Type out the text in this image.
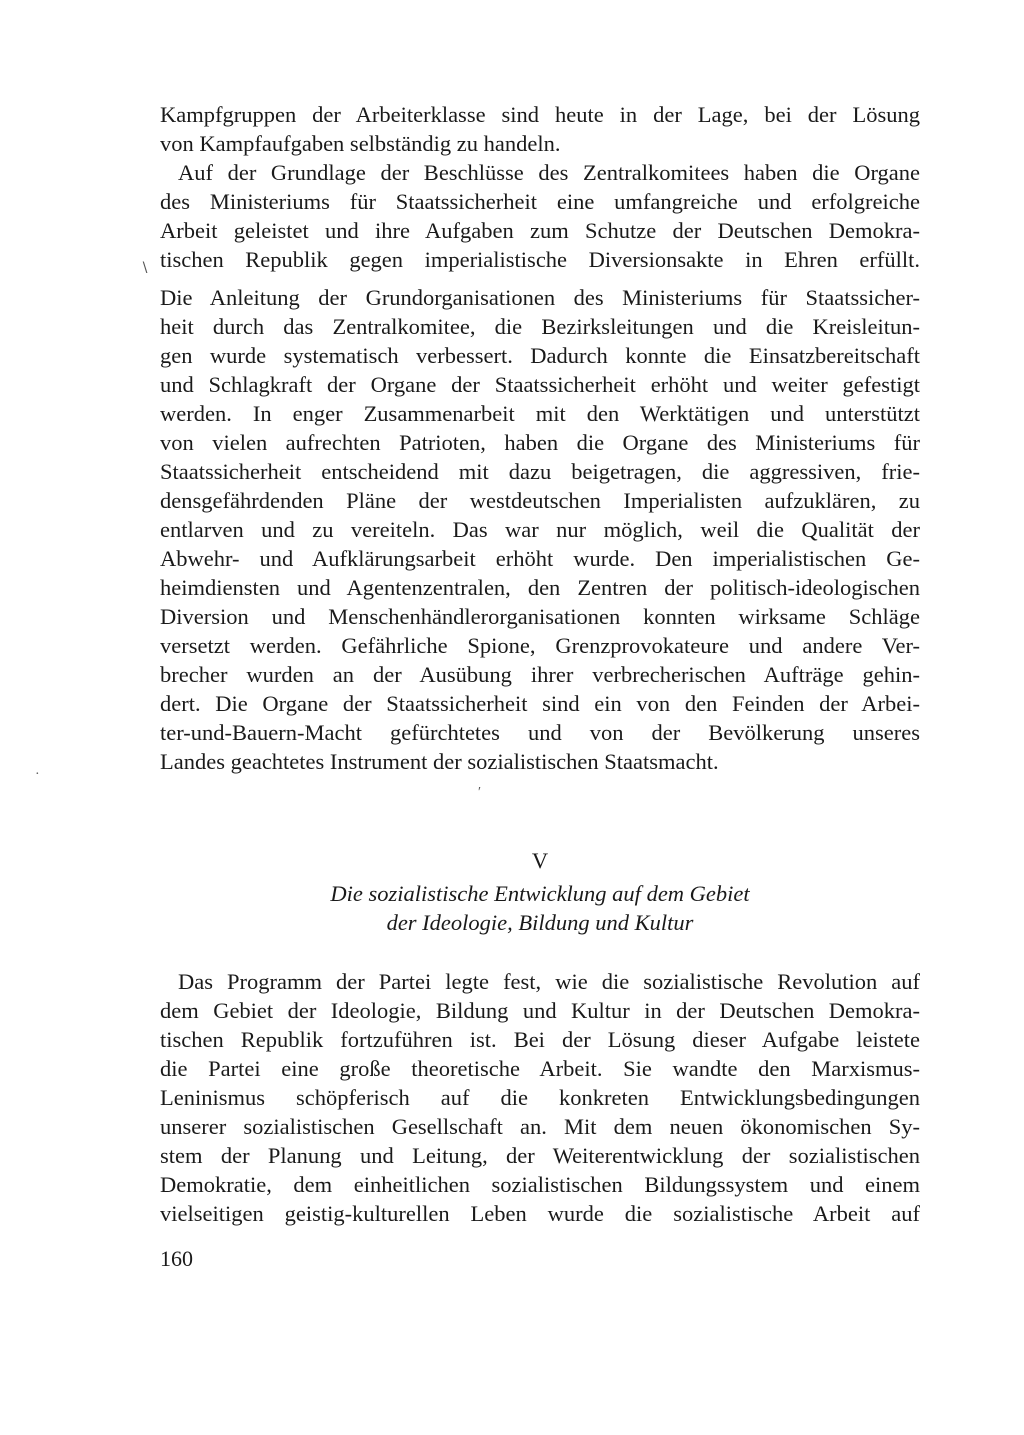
Kampfgruppen der Arbeiterklasse sind heute in der Lage, bei der Lösung
von Kampfaufgaben selbständig zu handeln.
Auf der Grundlage der Beschlüsse des Zentralkomitees haben die Organe
des Ministeriums für Staatssicherheit eine umfangreiche und erfolgreiche
Arbeit geleistet und ihre Aufgaben zum Schutze der Deutschen Demokra-
tischen Republik gegen imperialistische Diversionsakte in Ehren erfüllt.
Die Anleitung der Grundorganisationen des Ministeriums für Staatssicher-
heit durch das Zentralkomitee, die Bezirksleitungen und die Kreisleitun-
gen wurde systematisch verbessert. Dadurch konnte die Einsatzbereitschaft
und Schlagkraft der Organe der Staatssicherheit erhöht und weiter gefestigt
werden. In enger Zusammenarbeit mit den Werktätigen und unterstützt
von vielen aufrechten Patrioten, haben die Organe des Ministeriums für
Staatssicherheit entscheidend mit dazu beigetragen, die aggressiven, frie-
densgefährdenden Pläne der westdeutschen Imperialisten aufzuklären, zu
entlarven und zu vereiteln. Das war nur möglich, weil die Qualität der
Abwehr- und Aufklärungsarbeit erhöht wurde. Den imperialistischen Ge-
heimdiensten und Agentenzentralen, den Zentren der politisch-ideologischen
Diversion und Menschenhändlerorganisationen konnten wirksame Schläge
versetzt werden. Gefährliche Spione, Grenzprovokateure und andere Ver-
brecher wurden an der Ausübung ihrer verbrecherischen Aufträge gehin-
dert. Die Organe der Staatssicherheit sind ein von den Feinden der Arbei-
ter-und-Bauern-Macht gefürchtetes und von der Bevölkerung unseres
Landes geachtetes Instrument der sozialistischen Staatsmacht.
V
Die sozialistische Entwicklung auf dem Gebiet
der Ideologie, Bildung und Kultur
Das Programm der Partei legte fest, wie die sozialistische Revolution auf
dem Gebiet der Ideologie, Bildung und Kultur in der Deutschen Demokra-
tischen Republik fortzuführen ist. Bei der Lösung dieser Aufgabe leistete
die Partei eine große theoretische Arbeit. Sie wandte den Marxismus-
Leninismus schöpferisch auf die konkreten Entwicklungsbedingungen
unserer sozialistischen Gesellschaft an. Mit dem neuen ökonomischen Sy-
stem der Planung und Leitung, der Weiterentwicklung der sozialistischen
Demokratie, dem einheitlichen sozialistischen Bildungssystem und einem
vielseitigen geistig-kulturellen Leben wurde die sozialistische Arbeit auf
160
∖
′
·
